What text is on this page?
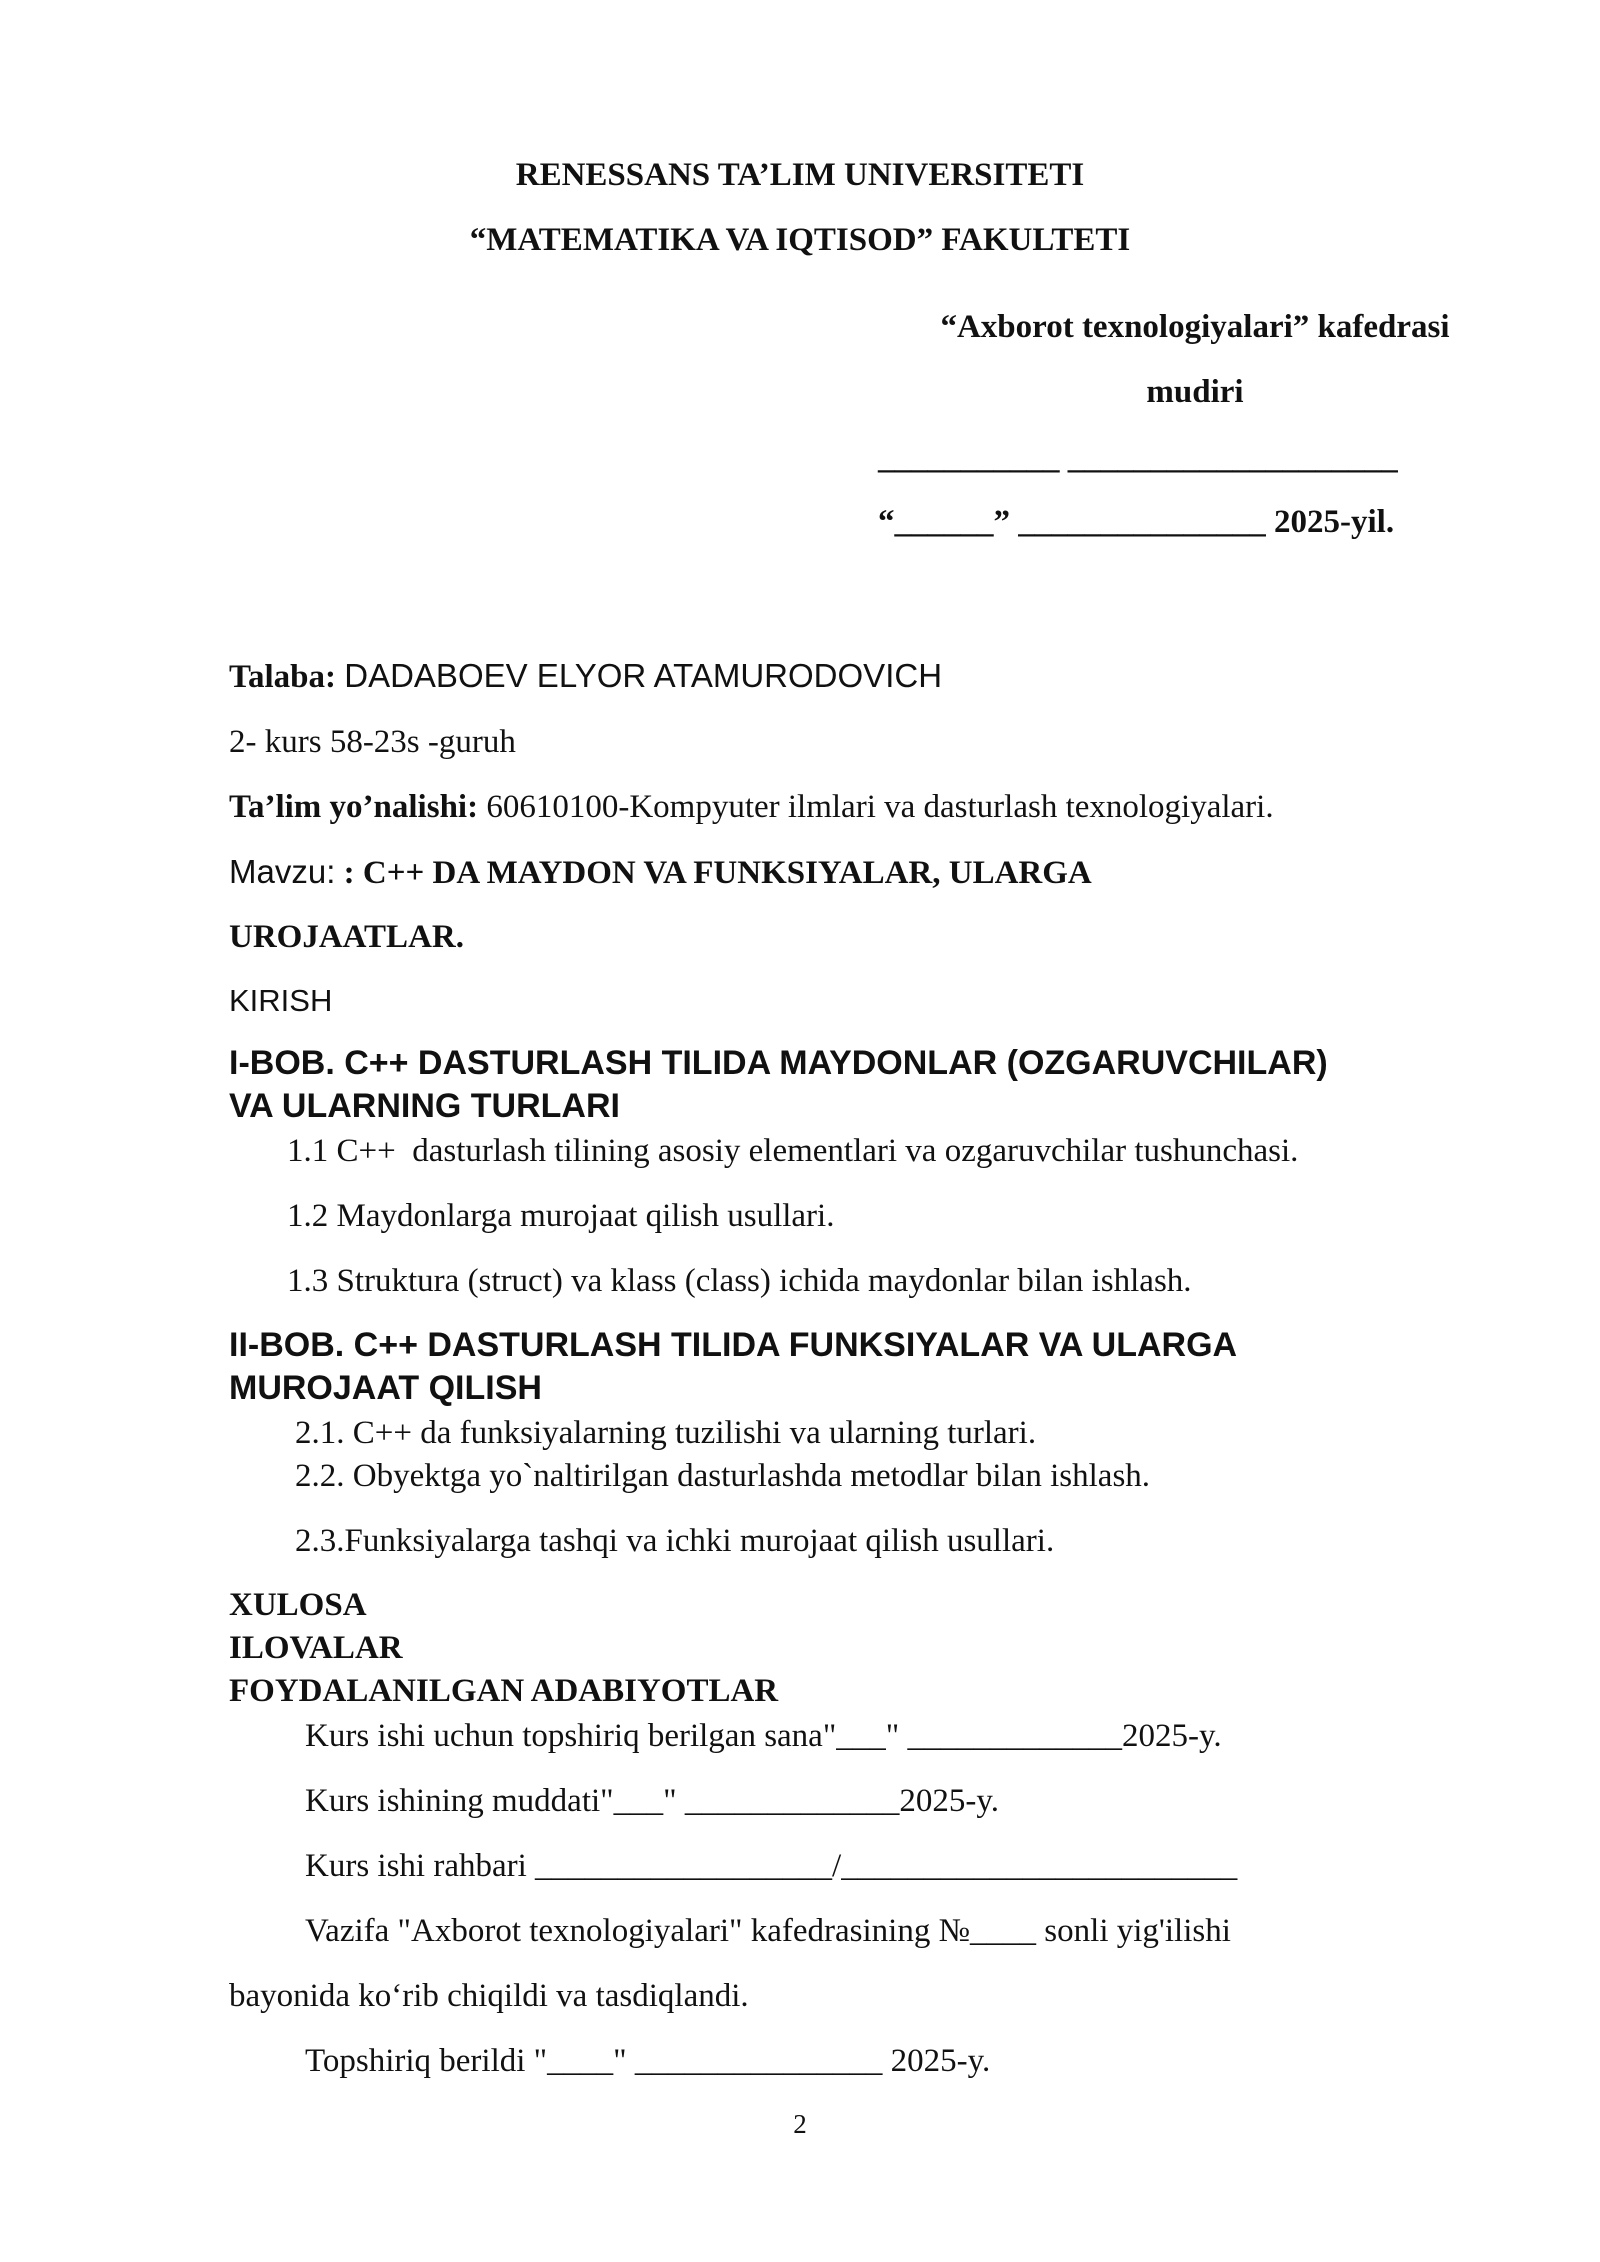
RENESSANS TA’LIM UNIVERSITETI
“MATEMATIKA VA IQTISOD” FAKULTETI
“Axborot texnologiyalari” kafedrasi
mudiri
___________ ____________________
“______” _______________ 2025-yil.
Talaba: DADABOEV ELYOR ATAMURODOVICH
2- kurs 58-23s -guruh
Ta’lim yo’nalishi: 60610100-Kompyuter ilmlari va dasturlash texnologiyalari.
Mavzu: : C++ DA MAYDON VA FUNKSIYALAR, ULARGA
UROJAATLAR.
KIRISH
I-BOB. C++ DASTURLASH TILIDA MAYDONLAR (OZGARUVCHILAR)
VA ULARNING TURLARI
1.1 C++  dasturlash tilining asosiy elementlari va ozgaruvchilar tushunchasi.
1.2 Maydonlarga murojaat qilish usullari.
1.3 Struktura (struct) va klass (class) ichida maydonlar bilan ishlash.
II-BOB. C++ DASTURLASH TILIDA FUNKSIYALAR VA ULARGA
MUROJAAT QILISH
2.1. C++ da funksiyalarning tuzilishi va ularning turlari.
2.2. Obyektga yo`naltirilgan dasturlashda metodlar bilan ishlash.
2.3.Funksiyalarga tashqi va ichki murojaat qilish usullari.
XULOSA
ILOVALAR
FOYDALANILGAN ADABIYOTLAR
Kurs ishi uchun topshiriq berilgan sana"___" _____________2025-y.
Kurs ishining muddati"___" _____________2025-y.
Kurs ishi rahbari __________________/________________________
Vazifa "Axborot texnologiyalari" kafedrasining №____ sonli yig'ilishi
bayonida ko‘rib chiqildi va tasdiqlandi.
Topshiriq berildi "____" _______________ 2025-y.
2
